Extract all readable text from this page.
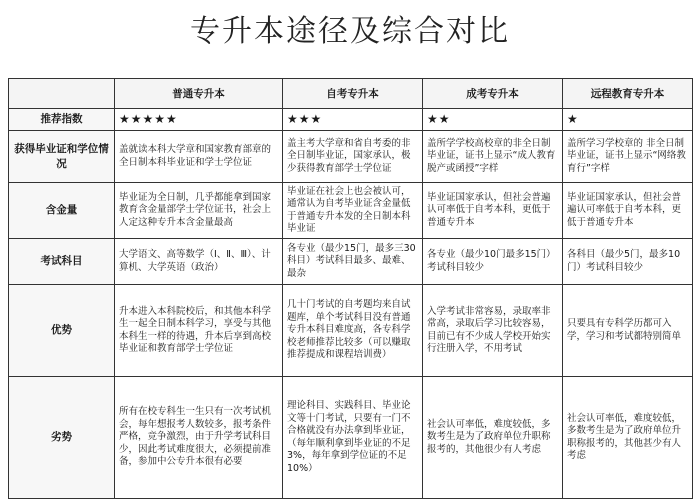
专升本途径及综合对比
	普通专升本	自考专升本	成考专升本	远程教育专升本
推荐指数	★★★★★	★★★	★★	★
获得毕业证和学位情况	盖就读本科大学章和国家教育部章的全日制本科毕业证和学士学位证	盖主考大学章和省自考委的非全日制毕业证，国家承认，极少获得教育部学士学位证	盖所学学校高校章的非全日制毕业证，证书上显示“成人教育脱产或函授”字样	盖所学习学校章的 非全日制毕业证，证书上显示“网络教育行”字样
含金量	毕业证为全日制，几乎都能拿到国家教育含金量部学士学位证书，社会上人定这种专升本含金量最高	毕业证在社会上也会被认可，通常认为自考毕业证含金量低于普通专升本发的全日制本科毕业证	毕业证国家承认，但社会普遍认可率低于自考本科，更低于普通专升本	毕业证国家承认，但社会普遍认可率低于自考本科，更低于普通专升本
考试科目	大学语文、高等数学（Ⅰ、Ⅱ、Ⅲ）、计算机、大学英语（政治）	各专业（最少15门，最多三30科目）考试科目最多、最难、最杂	各专业（最少10门最多15门）考试科目较少	各科目（最少5门，最多10门）考试科目较少
优势	升本进入本科院校后，和其他本科学生一起全日制本科学习，享受与其他本科生一样的待遇，升本后享到高校毕业证和教育部学士学位证	几十门考试的自考题均来自试题库，单个考试科目没有普通专升本科目难度高，各专科学校老师推荐比较多（可以赚取推荐提成和课程培训费）	入学考试非常容易，录取率非常高，录取后学习比较容易，目前已有不少成人学校开始实行注册入学，不用考试	只要具有专科学历都可入学，学习和考试都特别简单
劣势	所有在校专科生一生只有一次考试机会，每年想报考人数较多，报考条件严格，竞争激烈，由于升学考试科目少，因此考试难度很大，必须提前准备，参加中公专升本很有必要	理论科目、实践科目、毕业论文等十门考试，只要有一门不合格就没有办法拿到毕业证，（每年顺利拿到毕业证的不足3%，每年拿到学位证的不足10%）	社会认可率低，难度较低，多数考生是为了政府单位升职称报考的，其他很少有人考虑	社会认可率低，难度较低，多数考生是为了政府单位升职称报考的，其他甚少有人考虑
